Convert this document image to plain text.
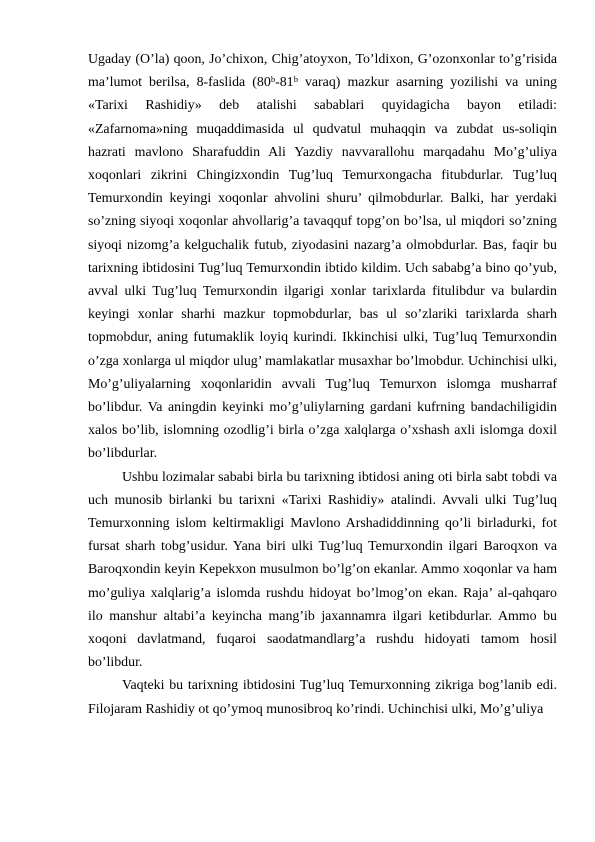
Ugaday (O’la) qoon, Jo’chixon, Chig’atoyxon, To’ldixon, G’ozonxonlar to’g’risida ma’lumot berilsa, 8-faslida (80ᵇ-81ᵇ varaq) mazkur asarning yozilishi va uning «Tarixi Rashidiy» deb atalishi sabablari quyidagicha bayon etiladi: «Zafarnoma»ning muqaddimasida ul qudvatul muhaqqin va zubdat us-soliqin hazrati mavlono Sharafuddin Ali Yazdiy navvarallohu marqadahu Mo’g’uliya xoqonlari zikrini Chingizxondin Tug’luq Temurxongacha fitubdurlar. Tug’luq Temurxondin keyingi xoqonlar ahvolini shuru’ qilmobdurlar. Balki, har yerdaki so’zning siyoqi xoqonlar ahvollarig’a tavaqquf topg’on bo’lsa, ul miqdori so’zning siyoqi nizomg’a kelguchalik futub, ziyodasini nazarg’a olmobdurlar. Bas, faqir bu tarixning ibtidosini Tug’luq Temurxondin ibtido kildim. Uch sababg’a bino qo’yub, avval ulki Tug’luq Temurxondin ilgarigi xonlar tarixlarda fitulibdur va bulardin keyingi xonlar sharhi mazkur topmobdurlar, bas ul so’zlariki tarixlarda sharh topmobdur, aning futumaklik loyiq kurindi. Ikkinchisi ulki, Tug’luq Temurxondin o’zga xonlarga ul miqdor ulug’ mamlakatlar musaxhar bo’lmobdur. Uchinchisi ulki, Mo’g’uliyalarning xoqonlaridin avvali Tug’luq Temurxon islomga musharraf bo’libdur. Va aningdin keyinki mo’g’uliylarning gardani kufrning bandachiligidin xalos bo’lib, islomning ozodlig’i birla o’zga xalqlarga o’xshash axli islomga doxil bo’libdurlar.

Ushbu lozimalar sababi birla bu tarixning ibtidosi aning oti birla sabt tobdi va uch munosib birlanki bu tarixni «Tarixi Rashidiy» atalindi. Avvali ulki Tug’luq Temurxonning islom keltirmakligi Mavlono Arshadiddinning qo’li birladurki, fot fursat sharh tobg’usidur. Yana biri ulki Tug’luq Temurxondin ilgari Baroqxon va Baroqxondin keyin Kepekxon musulmon bo’lg’on ekanlar. Ammo xoqonlar va ham mo’guliya xalqlarig’a islomda rushdu hidoyat bo’lmog’on ekan. Raja’ al-qahqaro ilo manshur altabi’a keyincha mang’ib jaxannamra ilgari ketibdurlar. Ammo bu xoqoni davlatmand, fuqaroi saodatmandlarg’a rushdu hidoyati tamom hosil bo’libdur.

Vaqteki bu tarixning ibtidosini Tug’luq Temurxonning zikriga bog’lanib edi. Filojaram Rashidiy ot qo’ymoq munosibroq ko’rindi. Uchinchisi ulki, Mo’g’uliya
